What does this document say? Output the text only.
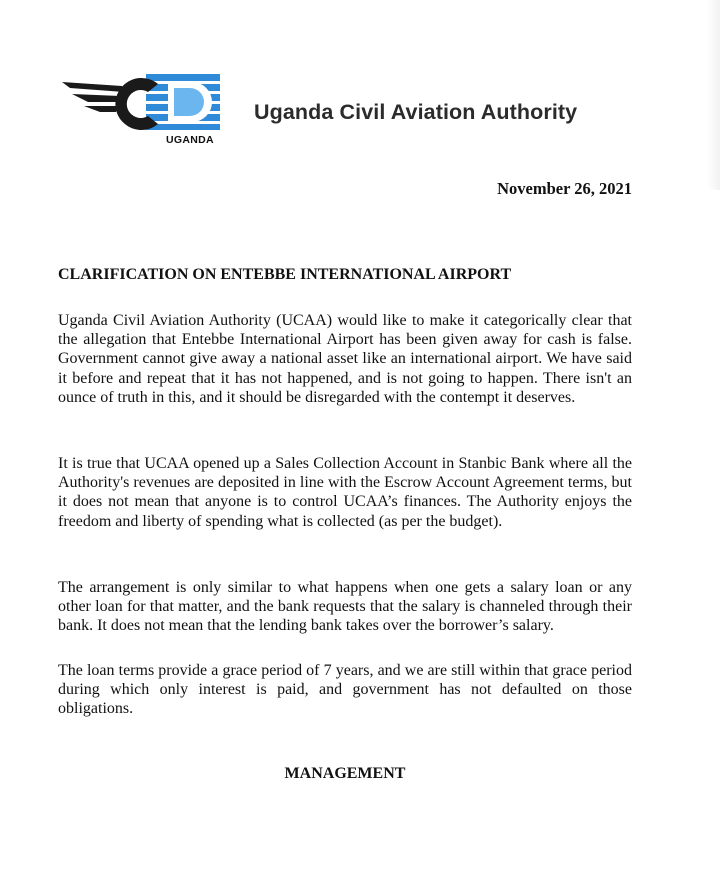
UGANDA
Uganda Civil Aviation Authority
November 26, 2021
CLARIFICATION ON ENTEBBE INTERNATIONAL AIRPORT

Uganda Civil Aviation Authority (UCAA) would like to make it categorically clear that the allegation that Entebbe International Airport has been given away for cash is false. Government cannot give away a national asset like an international airport. We have said it before and repeat that it has not happened, and is not going to happen. There isn't an ounce of truth in this, and it should be disregarded with the contempt it deserves.

It is true that UCAA opened up a Sales Collection Account in Stanbic Bank where all the Authority's revenues are deposited in line with the Escrow Account Agreement terms, but it does not mean that anyone is to control UCAA’s finances. The Authority enjoys the freedom and liberty of spending what is collected (as per the budget).

The arrangement is only similar to what happens when one gets a salary loan or any other loan for that matter, and the bank requests that the salary is channeled through their bank. It does not mean that the lending bank takes over the borrower’s salary.

The loan terms provide a grace period of 7 years, and we are still within that grace period during which only interest is paid, and government has not defaulted on those obligations.

MANAGEMENT
